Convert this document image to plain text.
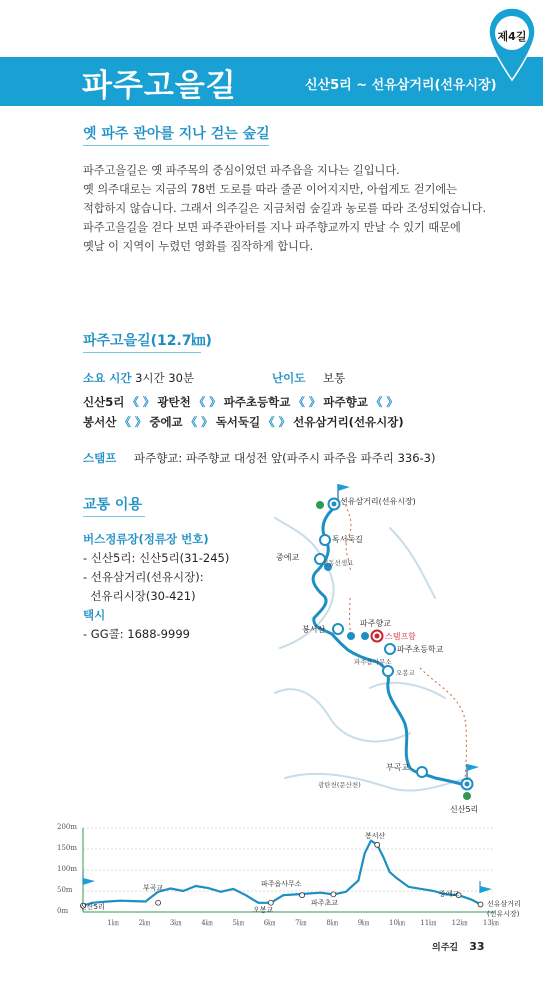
파주고을길	신산5리 ~ 선유삼거리(선유시장)
제4길
옛 파주 관아를 지나 걷는 숲길

파주고을길은 옛 파주목의 중심이었던 파주읍을 지나는 길입니다.

옛 의주대로는 지금의 78번 도로를 따라 줄곧 이어지지만, 아쉽게도 걷기에는

적합하지 않습니다. 그래서 의주길은 지금처럼 숲길과 농로를 따라 조성되었습니다.

파주고을길을 걷다 보면 파주관아터를 지나 파주향교까지 만날 수 있기 때문에

옛날 이 지역이 누렸던 영화를 짐작하게 합니다.

파주고을길(12.7㎞)
소요 시간 3시간 30분	난이도 보통
신산5리 《 》 광탄천 《 》 파주초등학교 《 》 파주향교 《 》
봉서산 《 》 중에교 《 》 독서둑길 《 》 선유삼거리(선유시장)
스탬프 파주향교: 파주향교 대성전 앞(파주시 파주읍 파주리 336-3)
교통 이용
버스정류장(정류장 번호)
- 신산5리: 신산5리(31-245)
- 선유삼거리(선유시장):
선유리시장(30-421)
택시
- GG콜: 1688-9999
선유삼거리(선유시장)
독서둑길
중에교
성동선생묘
봉서산
파주향교
스탬프함
파주초등학교
파주읍사무소
오봉교
부곡교
광탄천(문산천)
신산5리
200m
150m
100m
50m
0m
1㎞	2㎞	3㎞	4㎞	5㎞	6㎞	7㎞	8㎞	9㎞	10㎞ 11㎞ 12㎞ 13㎞
신산5리
부곡교
오봉교
파주읍사무소
파주초교
봉서산
중에교
선유삼거리
(선유시장)
의주길 33
